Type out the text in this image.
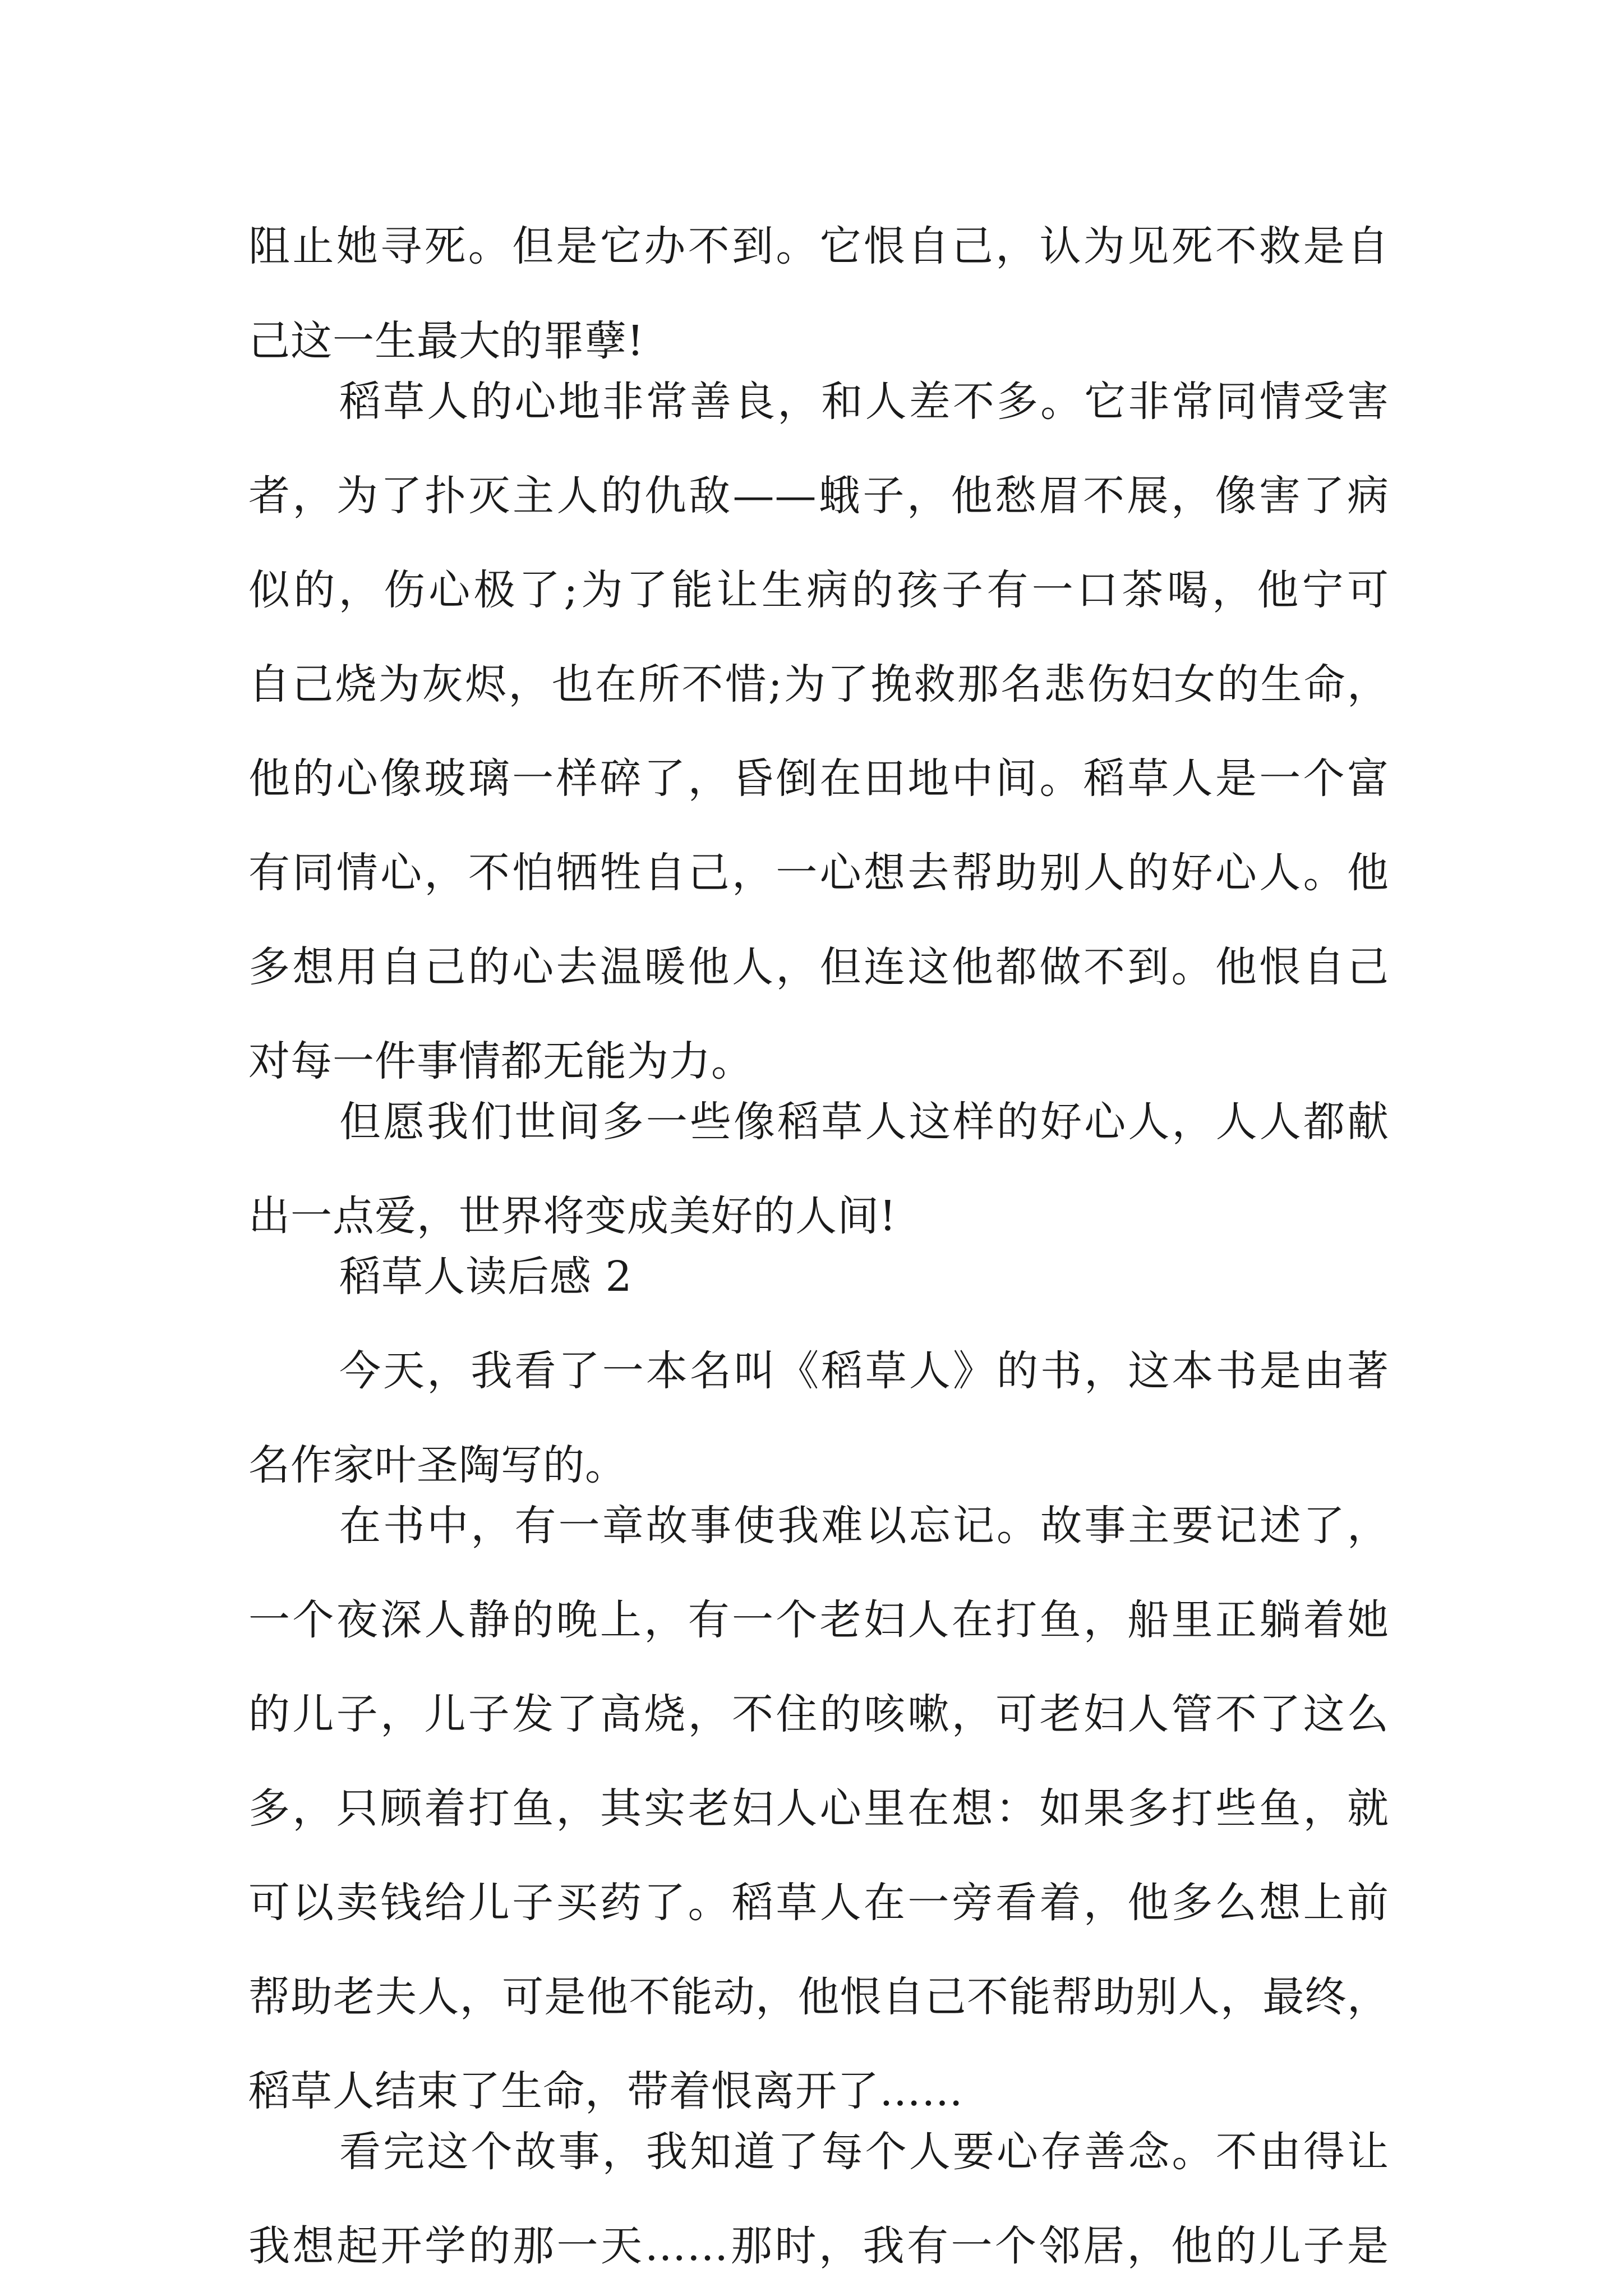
阻止她寻死。但是它办不到。它恨自己，认为见死不救是自
己这一生最大的罪孽!
稻草人的心地非常善良，和人差不多。它非常同情受害
者，为了扑灭主人的仇敌——蛾子，他愁眉不展，像害了病
似的，伤心极了;为了能让生病的孩子有一口茶喝，他宁可
自己烧为灰烬，也在所不惜;为了挽救那名悲伤妇女的生命，
他的心像玻璃一样碎了，昏倒在田地中间。稻草人是一个富
有同情心，不怕牺牲自己，一心想去帮助别人的好心人。他
多想用自己的心去温暖他人，但连这他都做不到。他恨自己
对每一件事情都无能为力。
但愿我们世间多一些像稻草人这样的好心人，人人都献
出一点爱，世界将变成美好的人间!
稻草人读后感 2
今天，我看了一本名叫《稻草人》的书，这本书是由著
名作家叶圣陶写的。
在书中，有一章故事使我难以忘记。故事主要记述了，
一个夜深人静的晚上，有一个老妇人在打鱼，船里正躺着她
的儿子，儿子发了高烧，不住的咳嗽，可老妇人管不了这么
多，只顾着打鱼，其实老妇人心里在想：如果多打些鱼，就
可以卖钱给儿子买药了。稻草人在一旁看着，他多么想上前
帮助老夫人，可是他不能动，他恨自己不能帮助别人，最终，
稻草人结束了生命，带着恨离开了……
看完这个故事，我知道了每个人要心存善念。不由得让
我想起开学的那一天……那时，我有一个邻居，他的儿子是
